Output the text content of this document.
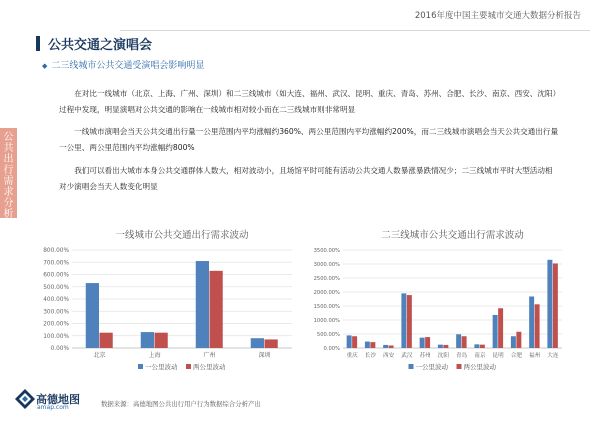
2016年度中国主要城市交通大数据分析报告
公共交通之演唱会
◆ 二三线城市公共交通受演唱会影响明显
公共出行需求分析
在对比一线城市（北京、上海、广州、深圳）和二三线城市（如大连、福州、武汉、昆明、重庆、青岛、苏州、合肥、长沙、南京、西安、沈阳）过程中发现，明显演唱对公共交通的影响在一线城市相对较小而在二三线城市则非常明显
一线城市演唱会当天公共交通出行量一公里范围内平均涨幅约360%、两公里范围内平均涨幅约200%，而二三线城市演唱会当天公共交通出行量一公里、两公里范围内平均涨幅约800%
我们可以看出大城市本身公共交通群体人数大，相对波动小，且场馆平时可能有活动公共交通人数暴涨暴跌情况少；二三线城市平时大型活动相对少演唱会当天人数变化明显
一线城市公共交通出行需求波动
0.00%
100.00%
200.00%
300.00%
400.00%
500.00%
600.00%
700.00%
800.00%
北京	上海	广州	深圳
一公里波动 两公里波动
二三线城市公共交通出行需求波动
0.00%
500.00%
1000.00%
1500.00%
2000.00%
2500.00%
3000.00%
3500.00%
重庆 长沙 西安 武汉 苏州 沈阳 青岛 南京 昆明 合肥 福州 大连
一公里波动 两公里波动
高德地图
amap.com	数据来源：高德地图公共出行用户行为数据综合分析产出
